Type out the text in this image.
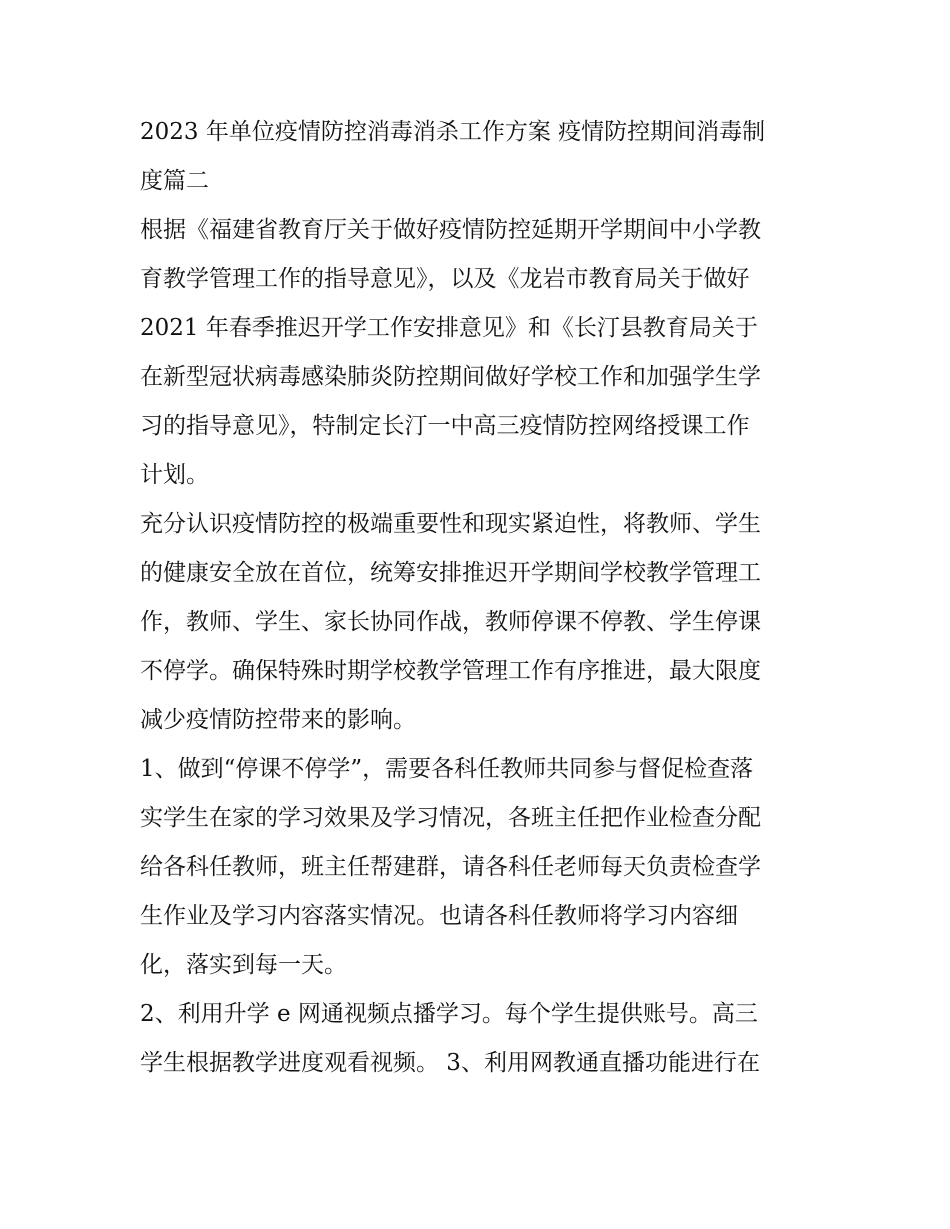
2023 年单位疫情防控消毒消杀工作方案 疫情防控期间消毒制
度篇二
根据《福建省教育厅关于做好疫情防控延期开学期间中小学教
育教学管理工作的指导意见》，以及《龙岩市教育局关于做好
2021 年春季推迟开学工作安排意见》和《长汀县教育局关于
在新型冠状病毒感染肺炎防控期间做好学校工作和加强学生学
习的指导意见》，特制定长汀一中高三疫情防控网络授课工作
计划。
充分认识疫情防控的极端重要性和现实紧迫性，将教师、学生
的健康安全放在首位，统筹安排推迟开学期间学校教学管理工
作，教师、学生、家长协同作战，教师停课不停教、学生停课
不停学。确保特殊时期学校教学管理工作有序推进，最大限度
减少疫情防控带来的影响。
1、做到“停课不停学”，需要各科任教师共同参与督促检查落
实学生在家的学习效果及学习情况，各班主任把作业检查分配
给各科任教师，班主任帮建群，请各科任老师每天负责检查学
生作业及学习内容落实情况。也请各科任教师将学习内容细
化，落实到每一天。
2、利用升学 e 网通视频点播学习。每个学生提供账号。高三
学生根据教学进度观看视频。 3、利用网教通直播功能进行在
